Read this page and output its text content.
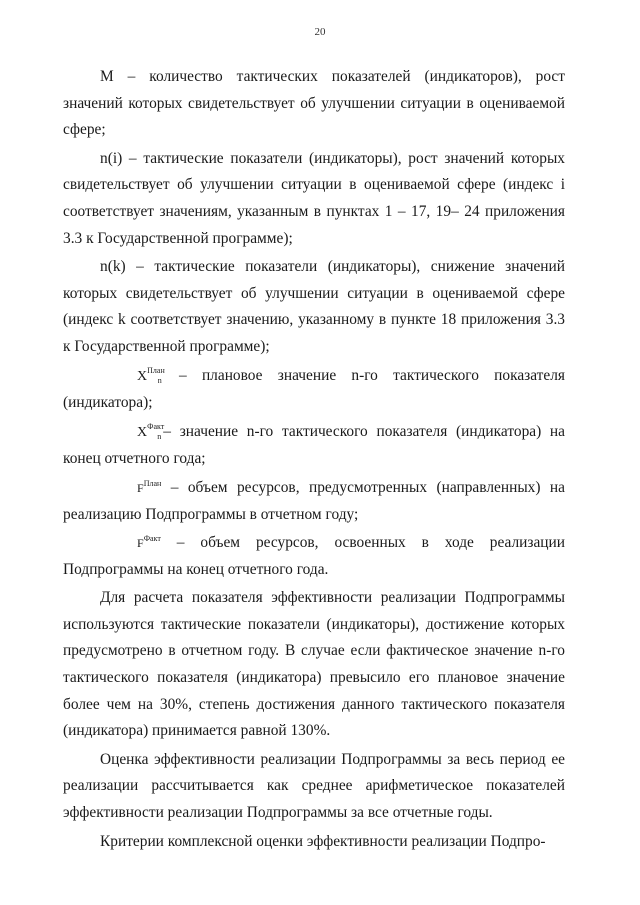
20

M – количество тактических показателей (индикаторов), рост значений которых свидетельствует об улучшении ситуации в оцениваемой сфере;

n(i) – тактические показатели (индикаторы), рост значений которых свидетельствует об улучшении ситуации в оцениваемой сфере (индекс i соответствует значениям, указанным в пунктах 1 – 17, 19– 24 приложения 3.3 к Государственной программе);

n(k) – тактические показатели (индикаторы), снижение значений которых свидетельствует об улучшении ситуации в оцениваемой сфере (индекс k соответствует значению, указанному в пункте 18 приложения 3.3 к Государственной программе);

$X^{План}_n$ – плановое значение n-го тактического показателя (индикатора);

$X^{Факт}_n$ – значение n-го тактического показателя (индикатора) на конец отчетного года;

$F^{План}$ – объем ресурсов, предусмотренных (направленных) на реализацию Подпрограммы в отчетном году;

$F^{Факт}$ – объем ресурсов, освоенных в ходе реализации Подпрограммы на конец отчетного года.

Для расчета показателя эффективности реализации Подпрограммы используются тактические показатели (индикаторы), достижение которых предусмотрено в отчетном году. В случае если фактическое значение n-го тактического показателя (индикатора) превысило его плановое значение более чем на 30%, степень достижения данного тактического показателя (индикатора) принимается равной 130%.

Оценка эффективности реализации Подпрограммы за весь период ее реализации рассчитывается как среднее арифметическое показателей эффективности реализации Подпрограммы за все отчетные годы.

Критерии комплексной оценки эффективности реализации Подпро-
